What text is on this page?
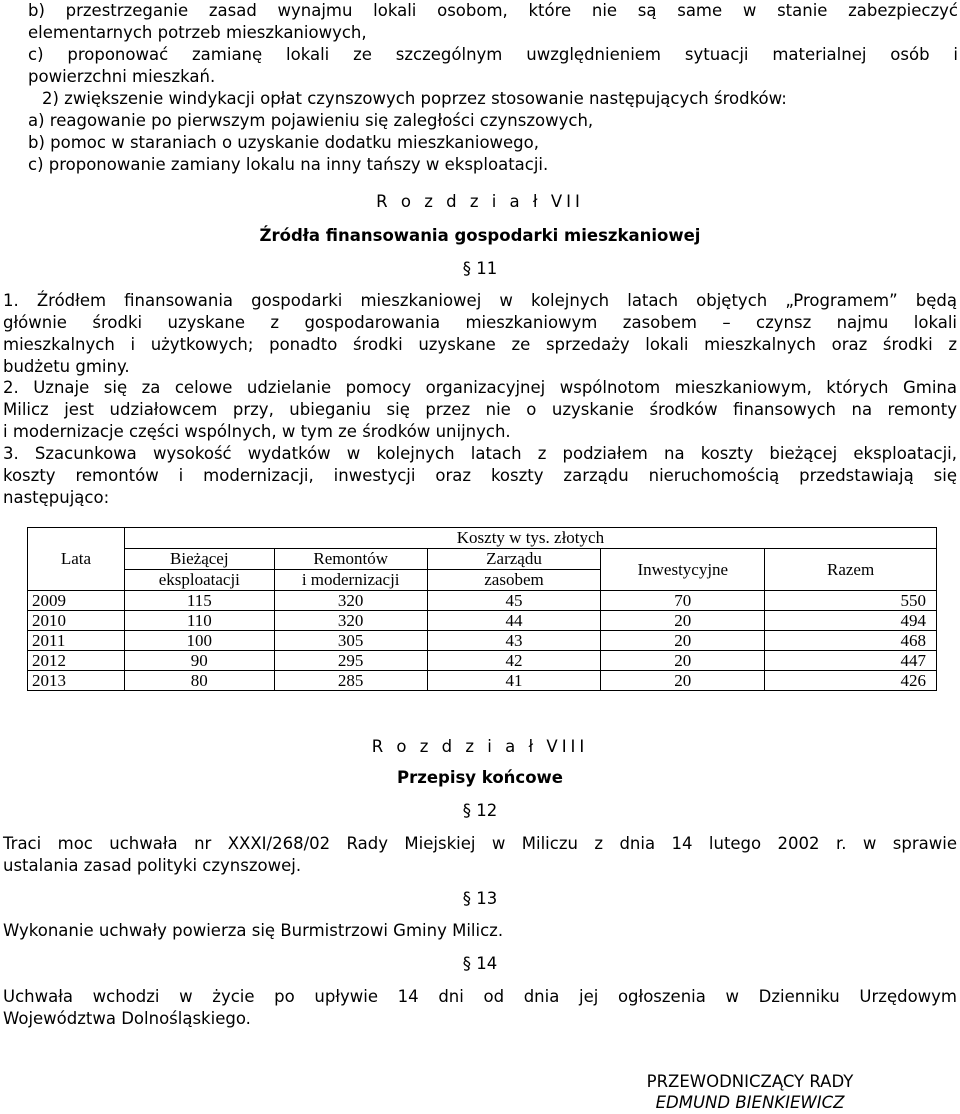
b) przestrzeganie zasad wynajmu lokali osobom, które nie są same w stanie zabezpieczyć
elementarnych potrzeb mieszkaniowych,
c) proponować zamianę lokali ze szczególnym uwzględnieniem sytuacji materialnej osób i
powierzchni mieszkań.
2) zwiększenie windykacji opłat czynszowych poprzez stosowanie następujących środków:
a) reagowanie po pierwszym pojawieniu się zaległości czynszowych,
b) pomoc w staraniach o uzyskanie dodatku mieszkaniowego,
c) proponowanie zamiany lokalu na inny tańszy w eksploatacji.
R o z d z i a ł VII
Źródła finansowania gospodarki mieszkaniowej
§ 11
1. Źródłem finansowania gospodarki mieszkaniowej w kolejnych latach objętych „Programem” będą
głównie środki uzyskane z gospodarowania mieszkaniowym zasobem – czynsz najmu lokali
mieszkalnych i użytkowych; ponadto środki uzyskane ze sprzedaży lokali mieszkalnych oraz środki z
budżetu gminy.
2. Uznaje się za celowe udzielanie pomocy organizacyjnej wspólnotom mieszkaniowym, których Gmina
Milicz jest udziałowcem przy, ubieganiu się przez nie o uzyskanie środków finansowych na remonty
i modernizacje części wspólnych, w tym ze środków unijnych.
3. Szacunkowa wysokość wydatków w kolejnych latach z podziałem na koszty bieżącej eksploatacji,
koszty remontów i modernizacji, inwestycji oraz koszty zarządu nieruchomością przedstawiają się
następująco:
Lata	Koszty w tys. złotych				
	Bieżącej	Remontów	Zarządu	Inwestycyjne	Razem
	eksploatacji	i modernizacji	zasobem		
2009	115	320	45	70	550
2010	110	320	44	20	494
2011	100	305	43	20	468
2012	90	295	42	20	447
2013	80	285	41	20	426
R o z d z i a ł VIII
Przepisy końcowe
§ 12
Traci moc uchwała nr XXXI/268/02 Rady Miejskiej w Miliczu z dnia 14 lutego 2002 r. w sprawie
ustalania zasad polityki czynszowej.
§ 13
Wykonanie uchwały powierza się Burmistrzowi Gminy Milicz.
§ 14
Uchwała wchodzi w życie po upływie 14 dni od dnia jej ogłoszenia w Dzienniku Urzędowym
Województwa Dolnośląskiego.
PRZEWODNICZĄCY RADY
EDMUND BIENKIEWICZ
